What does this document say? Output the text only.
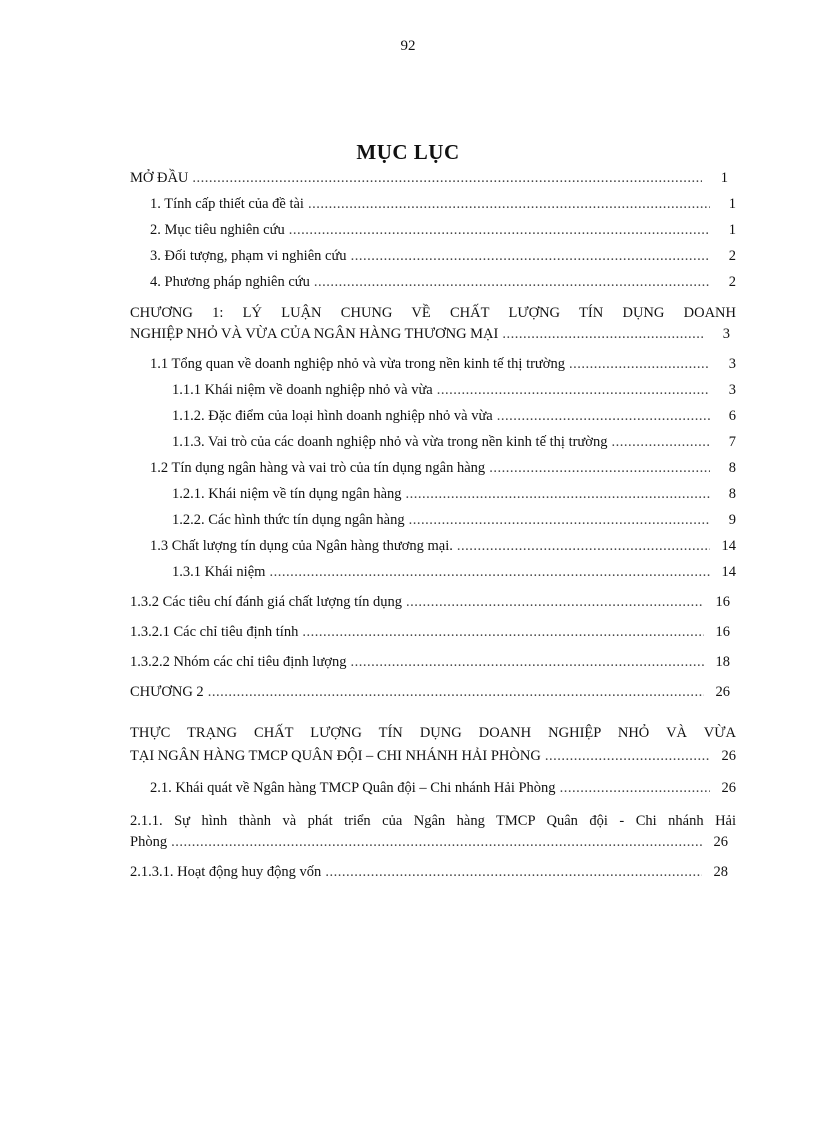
92
MỤC LỤC
MỞ ĐẦU .....	1
1. Tính cấp thiết của đề tài .....	1
2. Mục tiêu nghiên cứu .....	1
3. Đối tượng, phạm vi nghiên cứu .....	2
4. Phương pháp nghiên cứu .....	2
CHƯƠNG 1: LÝ LUẬN CHUNG VỀ CHẤT LƯỢNG TÍN DỤNG DOANH
NGHIỆP NHỎ VÀ VỪA CỦA NGÂN HÀNG THƯƠNG MẠI .....	3
1.1 Tổng quan về doanh nghiệp nhỏ và vừa trong nền kinh tế thị trường .....	3
1.1.1 Khái niệm về doanh nghiệp nhỏ và vừa .....	3
1.1.2. Đặc điểm của loại hình doanh nghiệp nhỏ và vừa .....	6
1.1.3. Vai trò của các doanh nghiệp nhỏ và vừa trong nền kinh tế thị trường .....	7
1.2 Tín dụng ngân hàng và vai trò của tín dụng ngân hàng .....	8
1.2.1. Khái niệm về tín dụng ngân hàng .....	8
1.2.2. Các hình thức tín dụng ngân hàng .....	9
1.3 Chất lượng tín dụng của Ngân hàng thương mại. .....	14
1.3.1 Khái niệm .....	14
1.3.2 Các tiêu chí đánh giá chất lượng tín dụng .....	16
1.3.2.1 Các chỉ tiêu định tính .....	16
1.3.2.2 Nhóm các chỉ tiêu định lượng .....	18
CHƯƠNG 2 .....	26
THỰC TRẠNG CHẤT LƯỢNG TÍN DỤNG DOANH NGHIỆP NHỎ VÀ VỪA
TẠI NGÂN HÀNG TMCP QUÂN ĐỘI – CHI NHÁNH HẢI PHÒNG .....	26
2.1. Khái quát về Ngân hàng TMCP Quân đội – Chi nhánh Hải Phòng .....	26
2.1.1. Sự hình thành và phát triển của Ngân hàng TMCP Quân đội - Chi nhánh Hải
Phòng .....	26
2.1.3.1. Hoạt động huy động vốn .....	28
